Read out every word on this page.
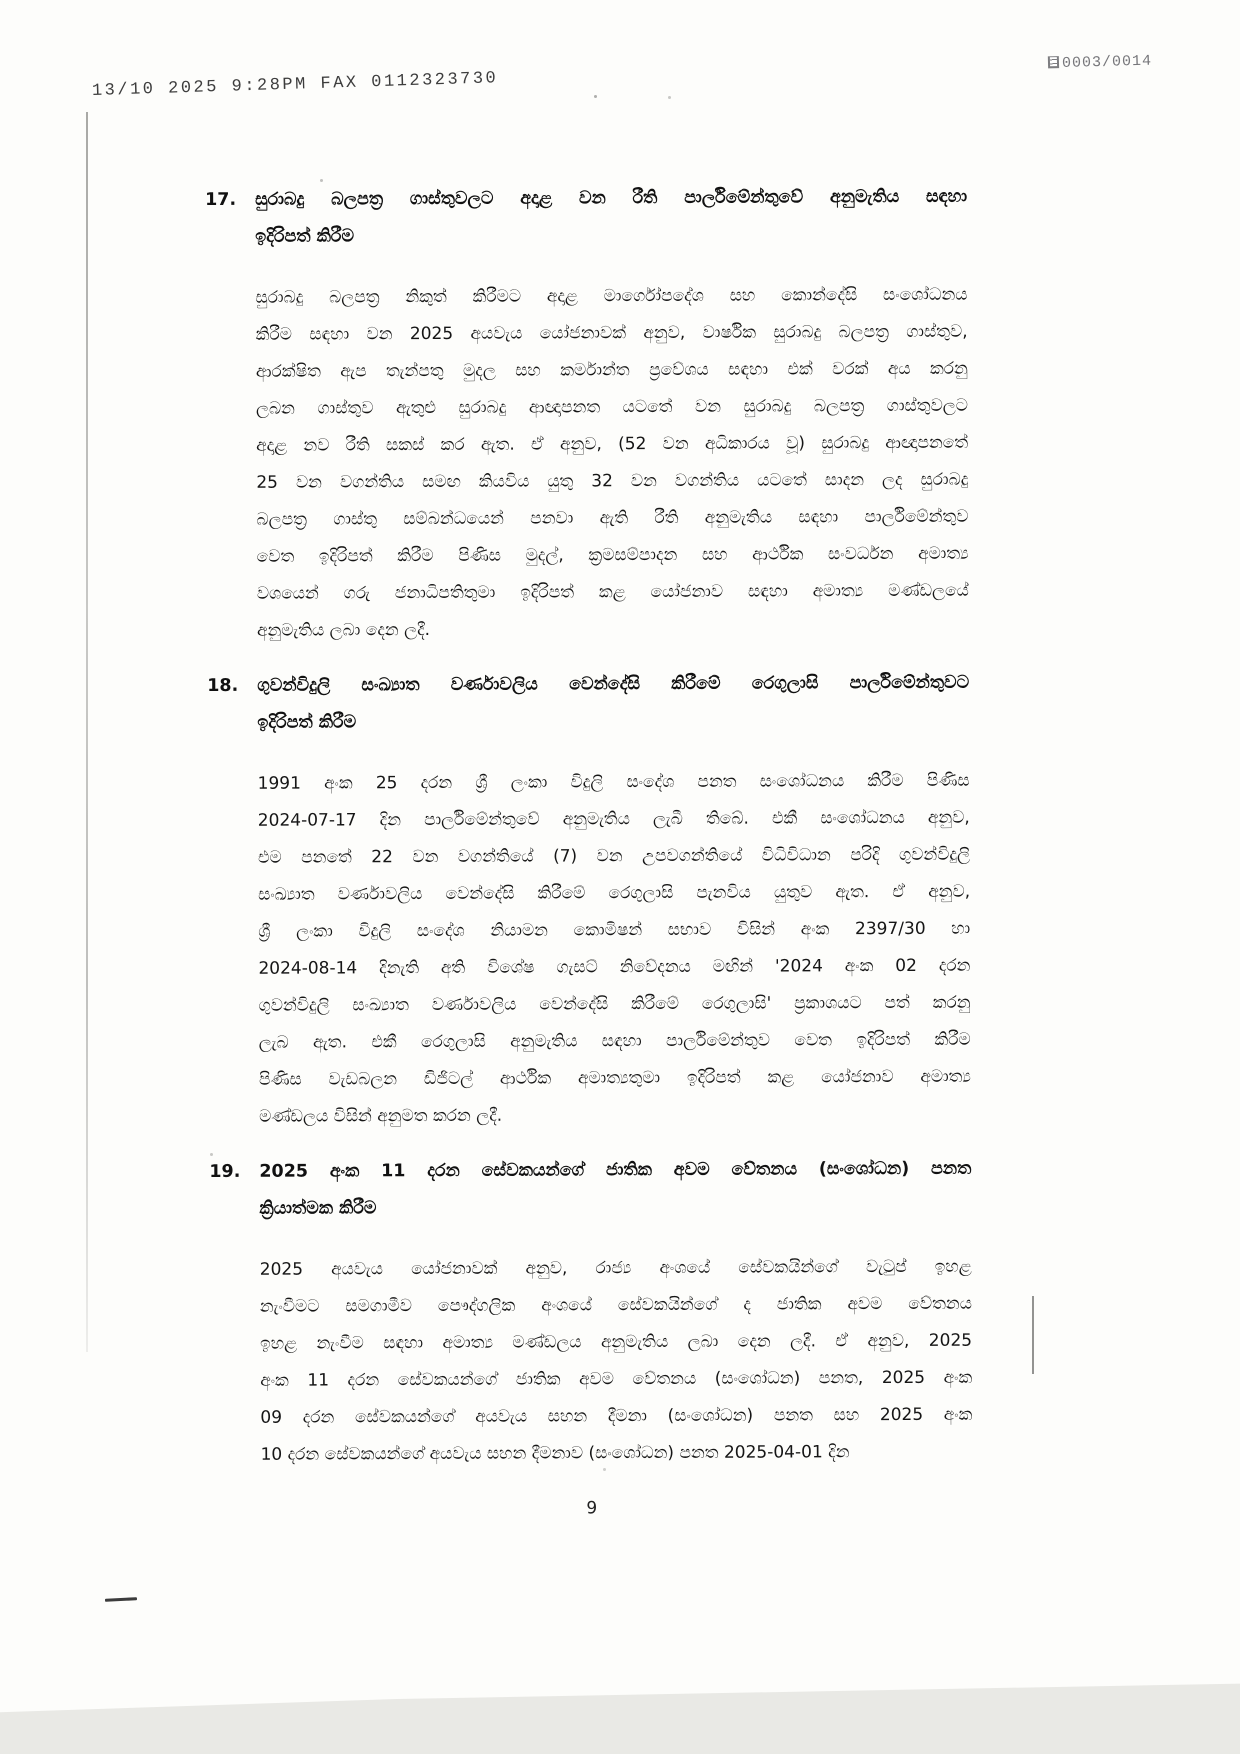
13/10 2025 9:28PM FAX 0112323730
0003/0014
17.	සුරාබදු බලපත්‍ර ගාස්තුවලට අදාළ වන රීති පාර්ලිමේන්තුවේ අනුමැතිය සඳහා
ඉදිරිපත් කිරීම
සුරාබදු බලපත්‍ර නිකුත් කිරීමට අදාළ මාර්ගෝපදේශ සහ කොන්දේසි සංශෝධනය
කිරීම සඳහා වන 2025 අයවැය යෝජනාවක් අනුව, වාර්ෂික සුරාබදු බලපත්‍ර ගාස්තුව,
ආරක්ෂිත ඇප තැන්පතු මුදල සහ කර්මාන්ත ප්‍රවේශය සඳහා එක් වරක් අය කරනු
ලබන ගාස්තුව ඇතුළු සුරාබදු ආඥාපනත යටතේ වන සුරාබදු බලපත්‍ර ගාස්තුවලට
අදාළ නව රීති සකස් කර ඇත. ඒ අනුව, (52 වන අධිකාරය වූ) සුරාබදු ආඥාපනතේ
25 වන වගන්තිය සමඟ කියවිය යුතු 32 වන වගන්තිය යටතේ සාදන ලද සුරාබදු
බලපත්‍ර ගාස්තු සම්බන්ධයෙන් පනවා ඇති රීති අනුමැතිය සඳහා පාර්ලිමේන්තුව
වෙත ඉදිරිපත් කිරීම පිණිස මුදල්, ක්‍රමසම්පාදන සහ ආර්ථික සංවර්ධන අමාත්‍ය
වශයෙන් ගරු ජනාධිපතිතුමා ඉදිරිපත් කළ යෝජනාව සඳහා අමාත්‍ය මණ්ඩලයේ
අනුමැතිය ලබා දෙන ලදී.
18.	ගුවන්විදුලි සංඛ්‍යාත වර්ණාවලිය වෙන්දේසි කිරීමේ රෙගුලාසි පාර්ලිමේන්තුවට
ඉදිරිපත් කිරීම
1991 අංක 25 දරන ශ්‍රී ලංකා විදුලි සංදේශ පනත සංශෝධනය කිරීම පිණිස
2024-07-17 දින පාර්ලිමේන්තුවේ අනුමැතිය ලැබී තිබේ. එකී සංශෝධනය අනුව,
එම පනතේ 22 වන වගන්තියේ (7) වන උපවගන්තියේ විධිවිධාන පරිදි ගුවන්විදුලි
සංඛ්‍යාත වර්ණාවලිය වෙන්දේසි කිරීමේ රෙගුලාසි පැනවිය යුතුව ඇත. ඒ අනුව,
ශ්‍රී ලංකා විදුලි සංදේශ නියාමන කොමිෂන් සභාව විසින් අංක 2397/30 හා
2024-08-14 දිනැති අති විශේෂ ගැසට් නිවේදනය මඟින් '2024 අංක 02 දරන
ගුවන්විදුලි සංඛ්‍යාත වර්ණාවලිය වෙන්දේසි කිරීමේ රෙගුලාසි' ප්‍රකාශයට පත් කරනු
ලැබ ඇත. එකී රෙගුලාසි අනුමැතිය සඳහා පාර්ලිමේන්තුව වෙත ඉදිරිපත් කිරීම
පිණිස වැඩබලන ඩිජිටල් ආර්ථික අමාත්‍යතුමා ඉදිරිපත් කළ යෝජනාව අමාත්‍ය
මණ්ඩලය විසින් අනුමත කරන ලදී.
19.	2025 අංක 11 දරන සේවකයන්ගේ ජාතික අවම වේතනය (සංශෝධන) පනත
ක්‍රියාත්මක කිරීම
2025 අයවැය යෝජනාවක් අනුව, රාජ්‍ය අංශයේ සේවකයින්ගේ වැටුප් ඉහළ
නැංවීමට සමගාමීව පෞද්ගලික අංශයේ සේවකයින්ගේ ද ජාතික අවම වේතනය
ඉහළ නැංවීම සඳහා අමාත්‍ය මණ්ඩලය අනුමැතිය ලබා දෙන ලදී. ඒ අනුව, 2025
අංක 11 දරන සේවකයන්ගේ ජාතික අවම වේතනය (සංශෝධන) පනත, 2025 අංක
09 දරන සේවකයන්ගේ අයවැය සහන දීමනා (සංශෝධන) පනත සහ 2025 අංක
10 දරන සේවකයන්ගේ අයවැය සහන දීමනාව (සංශෝධන) පනත 2025-04-01 දින
9
